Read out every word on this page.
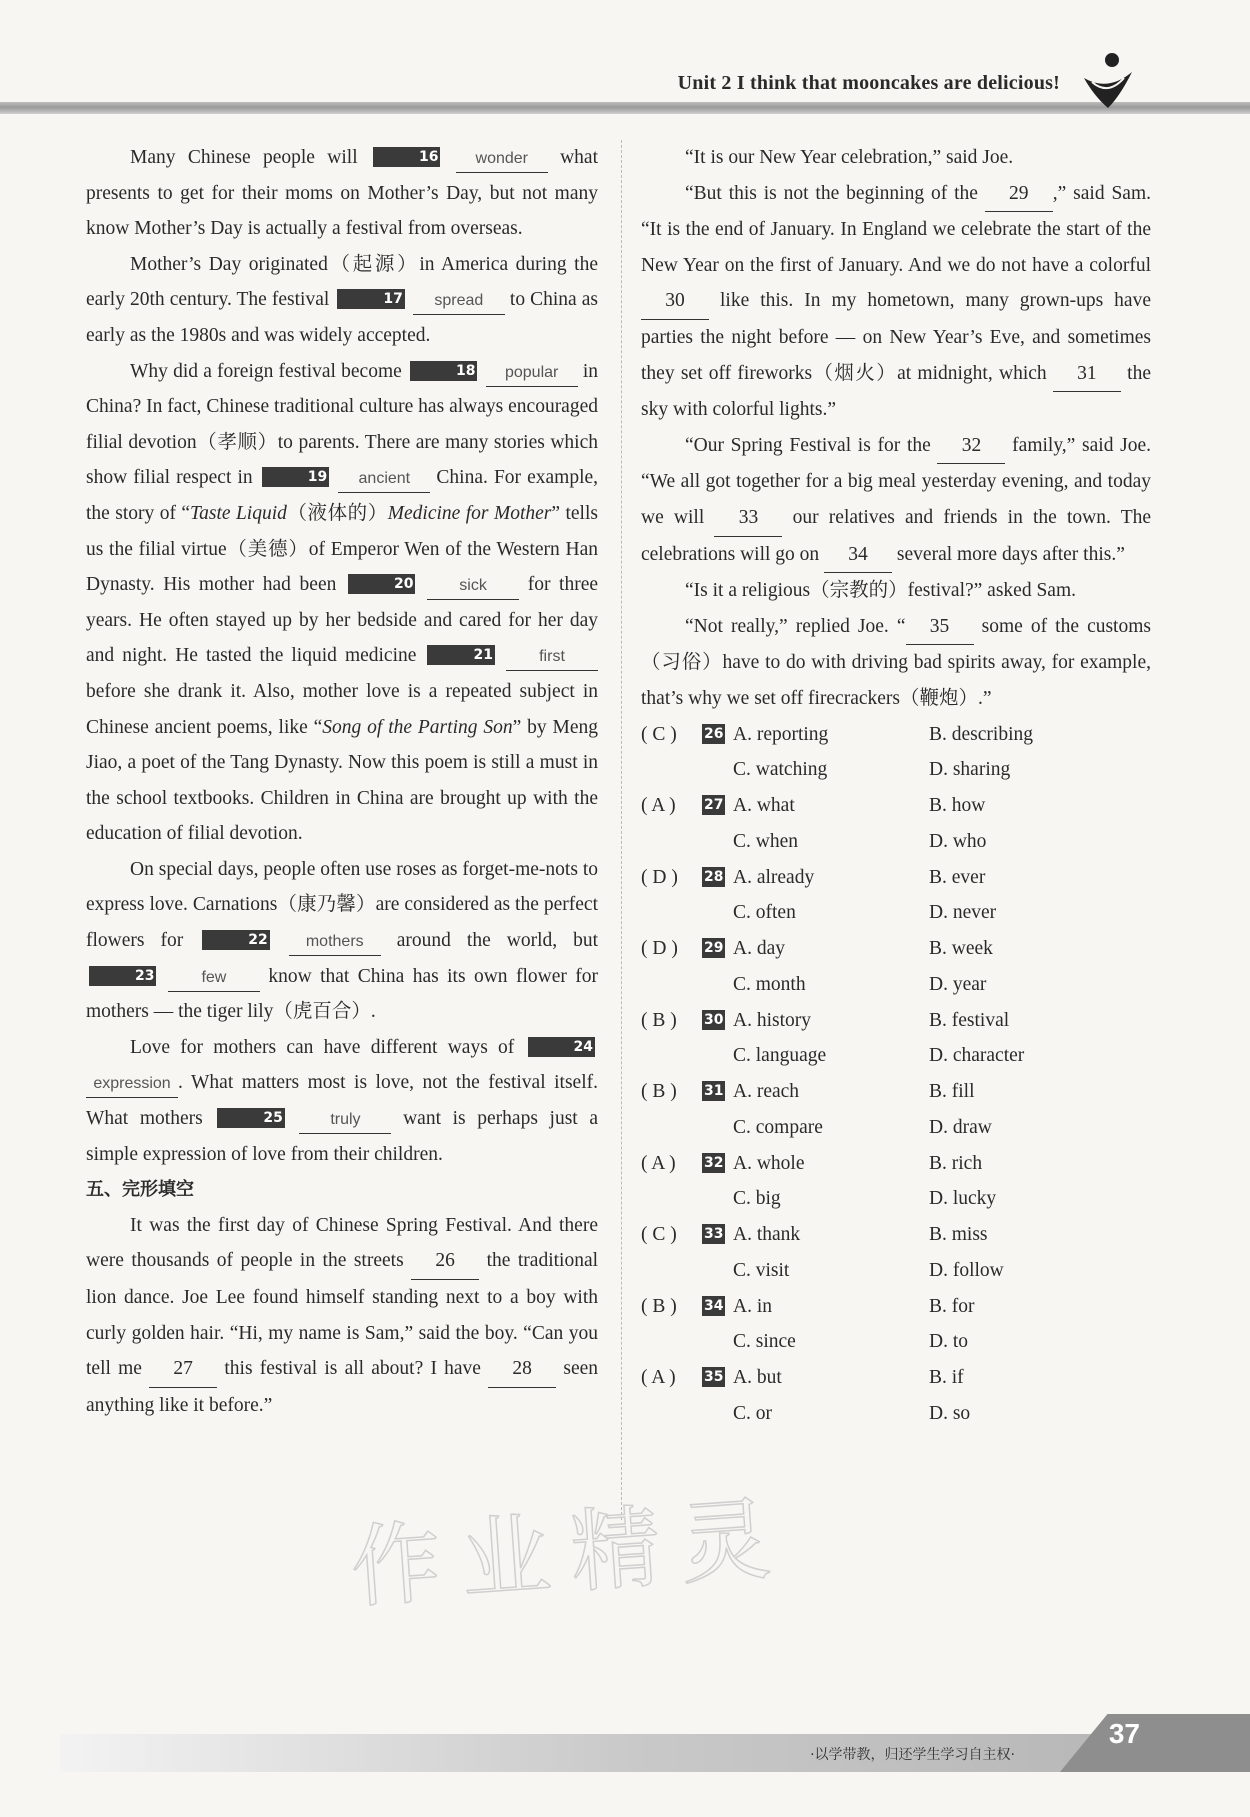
Unit 2 I think that mooncakes are delicious!

Many Chinese people will	16 wonder what presents to get for their moms on Mother’s Day, but not many know Mother’s Day is actually a festival from overseas.

Mother’s Day originated（起源）in America during the early 20th century. The festival	17 spread to China as early as the 1980s and was widely accepted.

Why did a foreign festival become	18 popular in China? In fact, Chinese traditional culture has always encouraged filial devotion（孝顺）to parents. There are many stories which show filial respect in	19 ancient China. For example, the story of “Taste Liquid（液体的）Medicine for Mother” tells us the filial virtue（美德）of Emperor Wen of the Western Han Dynasty. His mother had been	20	sick for three years. He often stayed up by her bedside and cared for her day and night. He tasted the liquid medicine	21	first before she drank it. Also, mother love is a repeated subject in Chinese ancient poems, like “Song of the Parting Son” by Meng Jiao, a poet of the Tang Dynasty. Now this poem is still a must in the school textbooks. Children in China are brought up with the education of filial devotion.

On special days, people often use roses as forget-me-nots to express love. Carnations（康乃馨）are considered as the perfect flowers for	22 mothers around the world, but 23	few know that China has its own flower for mothers — the tiger lily（虎百合）.

Love for mothers can have different ways of	24 expression . What matters most is love, not the festival itself. What mothers	25	truly want is perhaps just a simple expression of love from their children.

五、完形填空

It was the first day of Chinese Spring Festival. And there were thousands of people in the streets 26 the traditional lion dance. Joe Lee found himself standing next to a boy with curly golden hair. “Hi, my name is Sam,” said the boy. “Can you tell me 27 this festival is all about? I have 28 seen anything like it before.”

“It is our New Year celebration,” said Joe.

“But this is not the beginning of the 29 ,” said Sam. “It is the end of January. In England we celebrate the start of the New Year on the first of January. And we do not have a colorful 30 like this. In my hometown, many grown-ups have parties the night before — on New Year’s Eve, and sometimes they set off fireworks（烟火）at midnight, which 31 the sky with colorful lights.”

“Our Spring Festival is for the 32 family,” said Joe. “We all got together for a big meal yesterday evening, and today we will 33 our relatives and friends in the town. The celebrations will go on 34 several more days after this.”

“Is it a religious（宗教的）festival?” asked Sam.

“Not really,” replied Joe. “ 35 some of the customs（习俗）have to do with driving bad spirits away, for example, that’s why we set off firecrackers（鞭炮）.”

( C ) 26 A. reporting	B. describing
C. watching	D. sharing
( A ) 27 A. what	B. how
C. when	D. who
( D ) 28 A. already	B. ever
C. often	D. never
( D ) 29 A. day	B. week
C. month	D. year
( B ) 30 A. history	B. festival
C. language	D. character
( B ) 31 A. reach	B. fill
C. compare	D. draw
( A ) 32 A. whole	B. rich
C. big	D. lucky
( C ) 33 A. thank	B. miss
C. visit	D. follow
( B ) 34 A. in	B. for
C. since	D. to
( A ) 35 A. but	B. if
C. or	D. so
作业精灵
·以学带教，归还学生学习自主权·
37
